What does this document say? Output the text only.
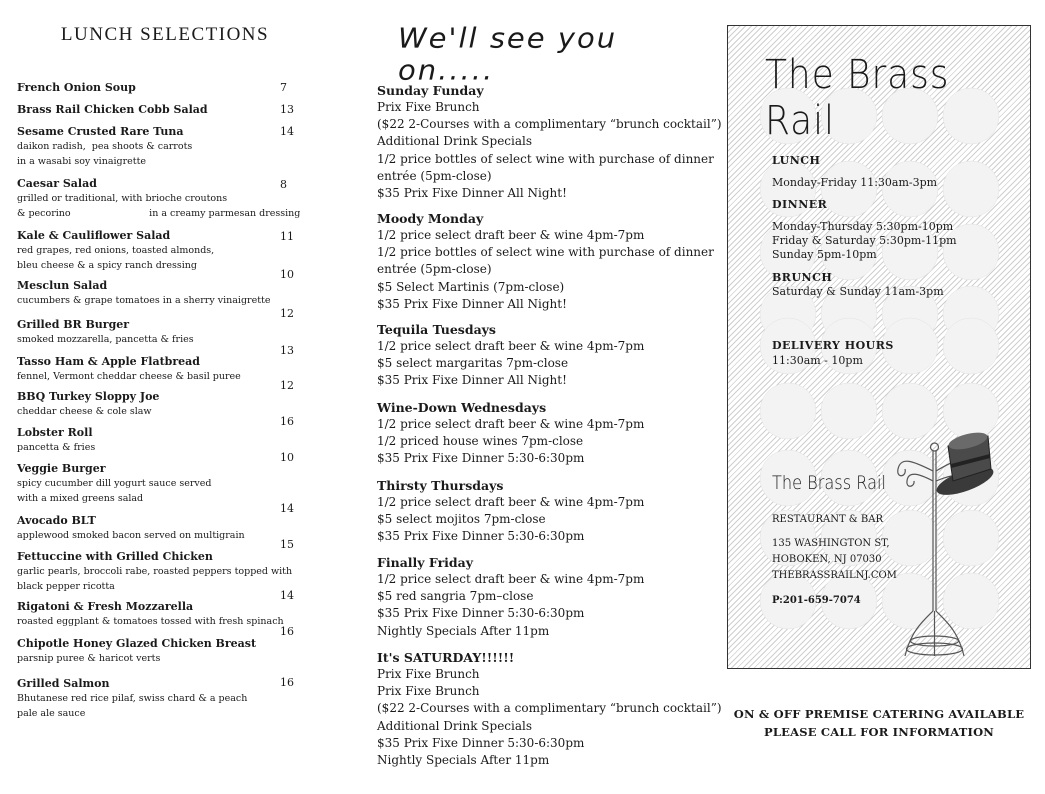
LUNCH SELECTIONS
French Onion Soup	7
Brass Rail Chicken Cobb Salad	13
Sesame Crusted Rare Tuna
daikon radish,  pea shoots & carrots
in a wasabi soy vinaigrette
14
Caesar Salad
grilled or traditional, with brioche croutons
& pecorino                          in a creamy parmesan dressing
8
Kale & Cauliflower Salad
red grapes, red onions, toasted almonds,
bleu cheese & a spicy ranch dressing
11
Mesclun Salad
cucumbers & grape tomatoes in a sherry vinaigrette
10
Grilled BR Burger
smoked mozzarella, pancetta & fries
12
Tasso Ham & Apple Flatbread
fennel, Vermont cheddar cheese & basil puree
13
BBQ Turkey Sloppy Joe
cheddar cheese & cole slaw
12
Lobster Roll
pancetta & fries
16
Veggie Burger
spicy cucumber dill yogurt sauce served
with a mixed greens salad
10
Avocado BLT
applewood smoked bacon served on multigrain
14
Fettuccine with Grilled Chicken
garlic pearls, broccoli rabe, roasted peppers topped with
black pepper ricotta
15
Rigatoni & Fresh Mozzarella
roasted eggplant & tomatoes tossed with fresh spinach
14
Chipotle Honey Glazed Chicken Breast
parsnip puree & haricot verts
16
Grilled Salmon
Bhutanese red rice pilaf, swiss chard & a peach
pale ale sauce
16
We'll see you on.....
Sunday Funday
Prix Fixe Brunch
($22 2-Courses with a complimentary “brunch cocktail”)
Additional Drink Specials
1/2 price bottles of select wine with purchase of dinner
entrée (5pm-close)
$35 Prix Fixe Dinner All Night!
Moody Monday
1/2 price select draft beer & wine 4pm-7pm
1/2 price bottles of select wine with purchase of dinner
entrée (5pm-close)
$5 Select Martinis (7pm-close)
$35 Prix Fixe Dinner All Night!
Tequila Tuesdays
1/2 price select draft beer & wine 4pm-7pm
$5 select margaritas 7pm-close
$35 Prix Fixe Dinner All Night!
Wine-Down Wednesdays
1/2 price select draft beer & wine 4pm-7pm
1/2 priced house wines 7pm-close
$35 Prix Fixe Dinner 5:30-6:30pm
Thirsty Thursdays
1/2 price select draft beer & wine 4pm-7pm
$5 select mojitos 7pm-close
$35 Prix Fixe Dinner 5:30-6:30pm
Finally Friday
1/2 price select draft beer & wine 4pm-7pm
$5 red sangria 7pm–close
$35 Prix Fixe Dinner 5:30-6:30pm
Nightly Specials After 11pm
It's SATURDAY!!!!!!
Prix Fixe Brunch
Prix Fixe Brunch
($22 2-Courses with a complimentary “brunch cocktail”)
Additional Drink Specials
$35 Prix Fixe Dinner 5:30-6:30pm
Nightly Specials After 11pm
The Brass Rail
LUNCH
Monday-Friday 11:30am-3pm
DINNER
Monday-Thursday 5:30pm-10pm
Friday & Saturday 5:30pm-11pm
Sunday 5pm-10pm
BRUNCH
Saturday & Sunday 11am-3pm
DELIVERY HOURS
11:30am - 10pm
The Brass Rail
RESTAURANT & BAR
135 WASHINGTON ST,
HOBOKEN, NJ 07030
THEBRASSRAILNJ.COM
P:201-659-7074
ON & OFF PREMISE CATERING AVAILABLE
PLEASE CALL FOR INFORMATION
